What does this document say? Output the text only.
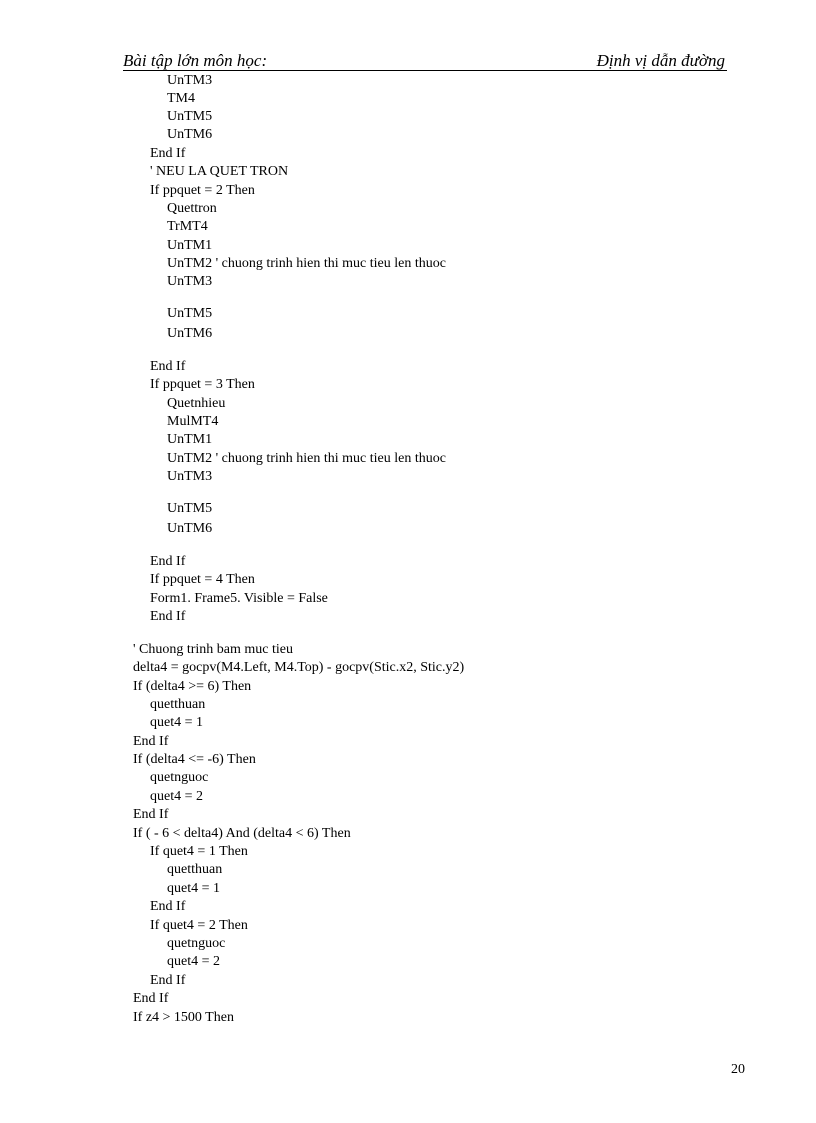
Bài tập lớn môn học:	Định vị dẫn đường
UnTM3
TM4
UnTM5
UnTM6
End If
' NEU LA QUET TRON
If ppquet = 2 Then
Quettron
TrMT4
UnTM1
UnTM2 ' chuong trinh hien thi muc tieu len thuoc
UnTM3
UnTM5
UnTM6
End If
If ppquet = 3 Then
Quetnhieu
MulMT4
UnTM1
UnTM2 ' chuong trinh hien thi muc tieu len thuoc
UnTM3
UnTM5
UnTM6
End If
If ppquet = 4 Then
Form1. Frame5. Visible = False
End If
' Chuong trinh bam muc tieu
delta4 = gocpv(M4.Left, M4.Top) - gocpv(Stic.x2, Stic.y2)
If (delta4 >= 6) Then
quetthuan
quet4 = 1
End If
If (delta4 <= -6) Then
quetnguoc
quet4 = 2
End If
If ( - 6 < delta4) And (delta4 < 6) Then
If quet4 = 1 Then
quetthuan
quet4 = 1
End If
If quet4 = 2 Then
quetnguoc
quet4 = 2
End If
End If
If z4 > 1500 Then
20
